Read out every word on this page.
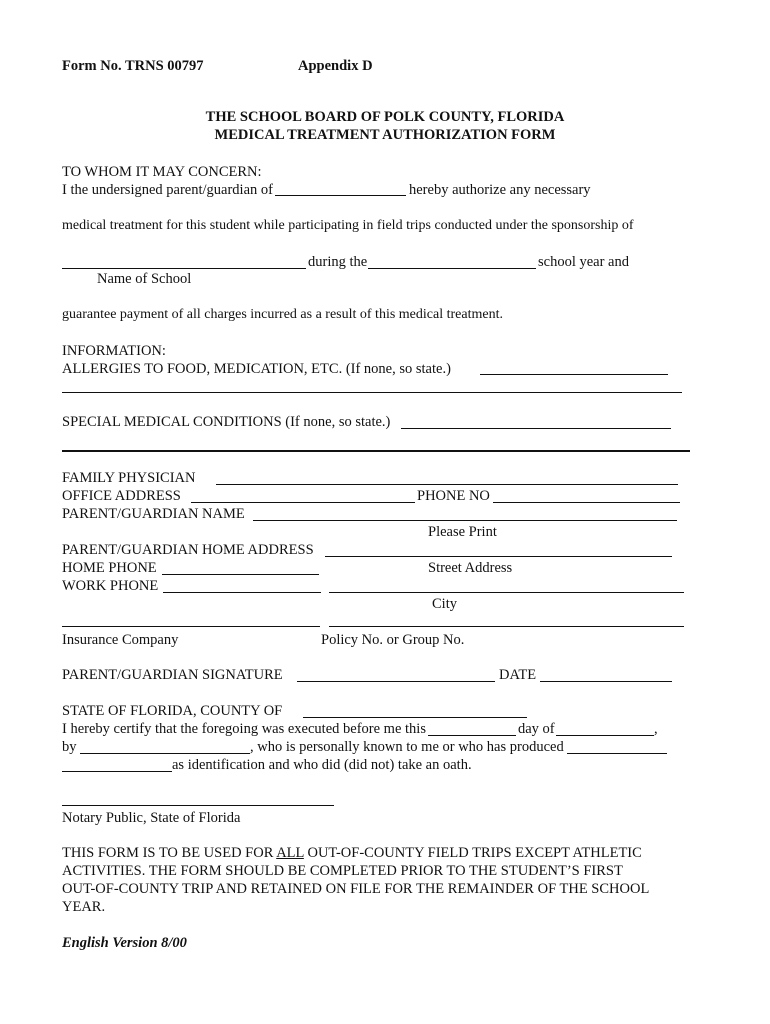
Form No. TRNS 00797	Appendix D
THE SCHOOL BOARD OF POLK COUNTY, FLORIDA
MEDICAL TREATMENT AUTHORIZATION FORM
TO WHOM IT MAY CONCERN:
I the undersigned parent/guardian of	hereby authorize any necessary
medical treatment for this student while participating in field trips conducted under the sponsorship of
during the	school year and
Name of School
guarantee payment of all charges incurred as a result of this medical treatment.
INFORMATION:
ALLERGIES TO FOOD, MEDICATION, ETC. (If none, so state.)
SPECIAL MEDICAL CONDITIONS (If none, so state.)
FAMILY PHYSICIAN
OFFICE ADDRESS	PHONE NO
PARENT/GUARDIAN NAME
Please Print
PARENT/GUARDIAN HOME ADDRESS
HOME PHONE	Street Address
WORK PHONE
City
Insurance Company	Policy No. or Group No.
PARENT/GUARDIAN SIGNATURE	DATE
STATE OF FLORIDA, COUNTY OF
I hereby certify that the foregoing was executed before me this	day of	,
by	, who is personally known to me or who has produced
as identification and who did (did not) take an oath.
Notary Public, State of Florida
THIS FORM IS TO BE USED FOR ALL OUT-OF-COUNTY FIELD TRIPS EXCEPT ATHLETIC
ACTIVITIES. THE FORM SHOULD BE COMPLETED PRIOR TO THE STUDENT’S FIRST
OUT-OF-COUNTY TRIP AND RETAINED ON FILE FOR THE REMAINDER OF THE SCHOOL
YEAR.
English Version 8/00
